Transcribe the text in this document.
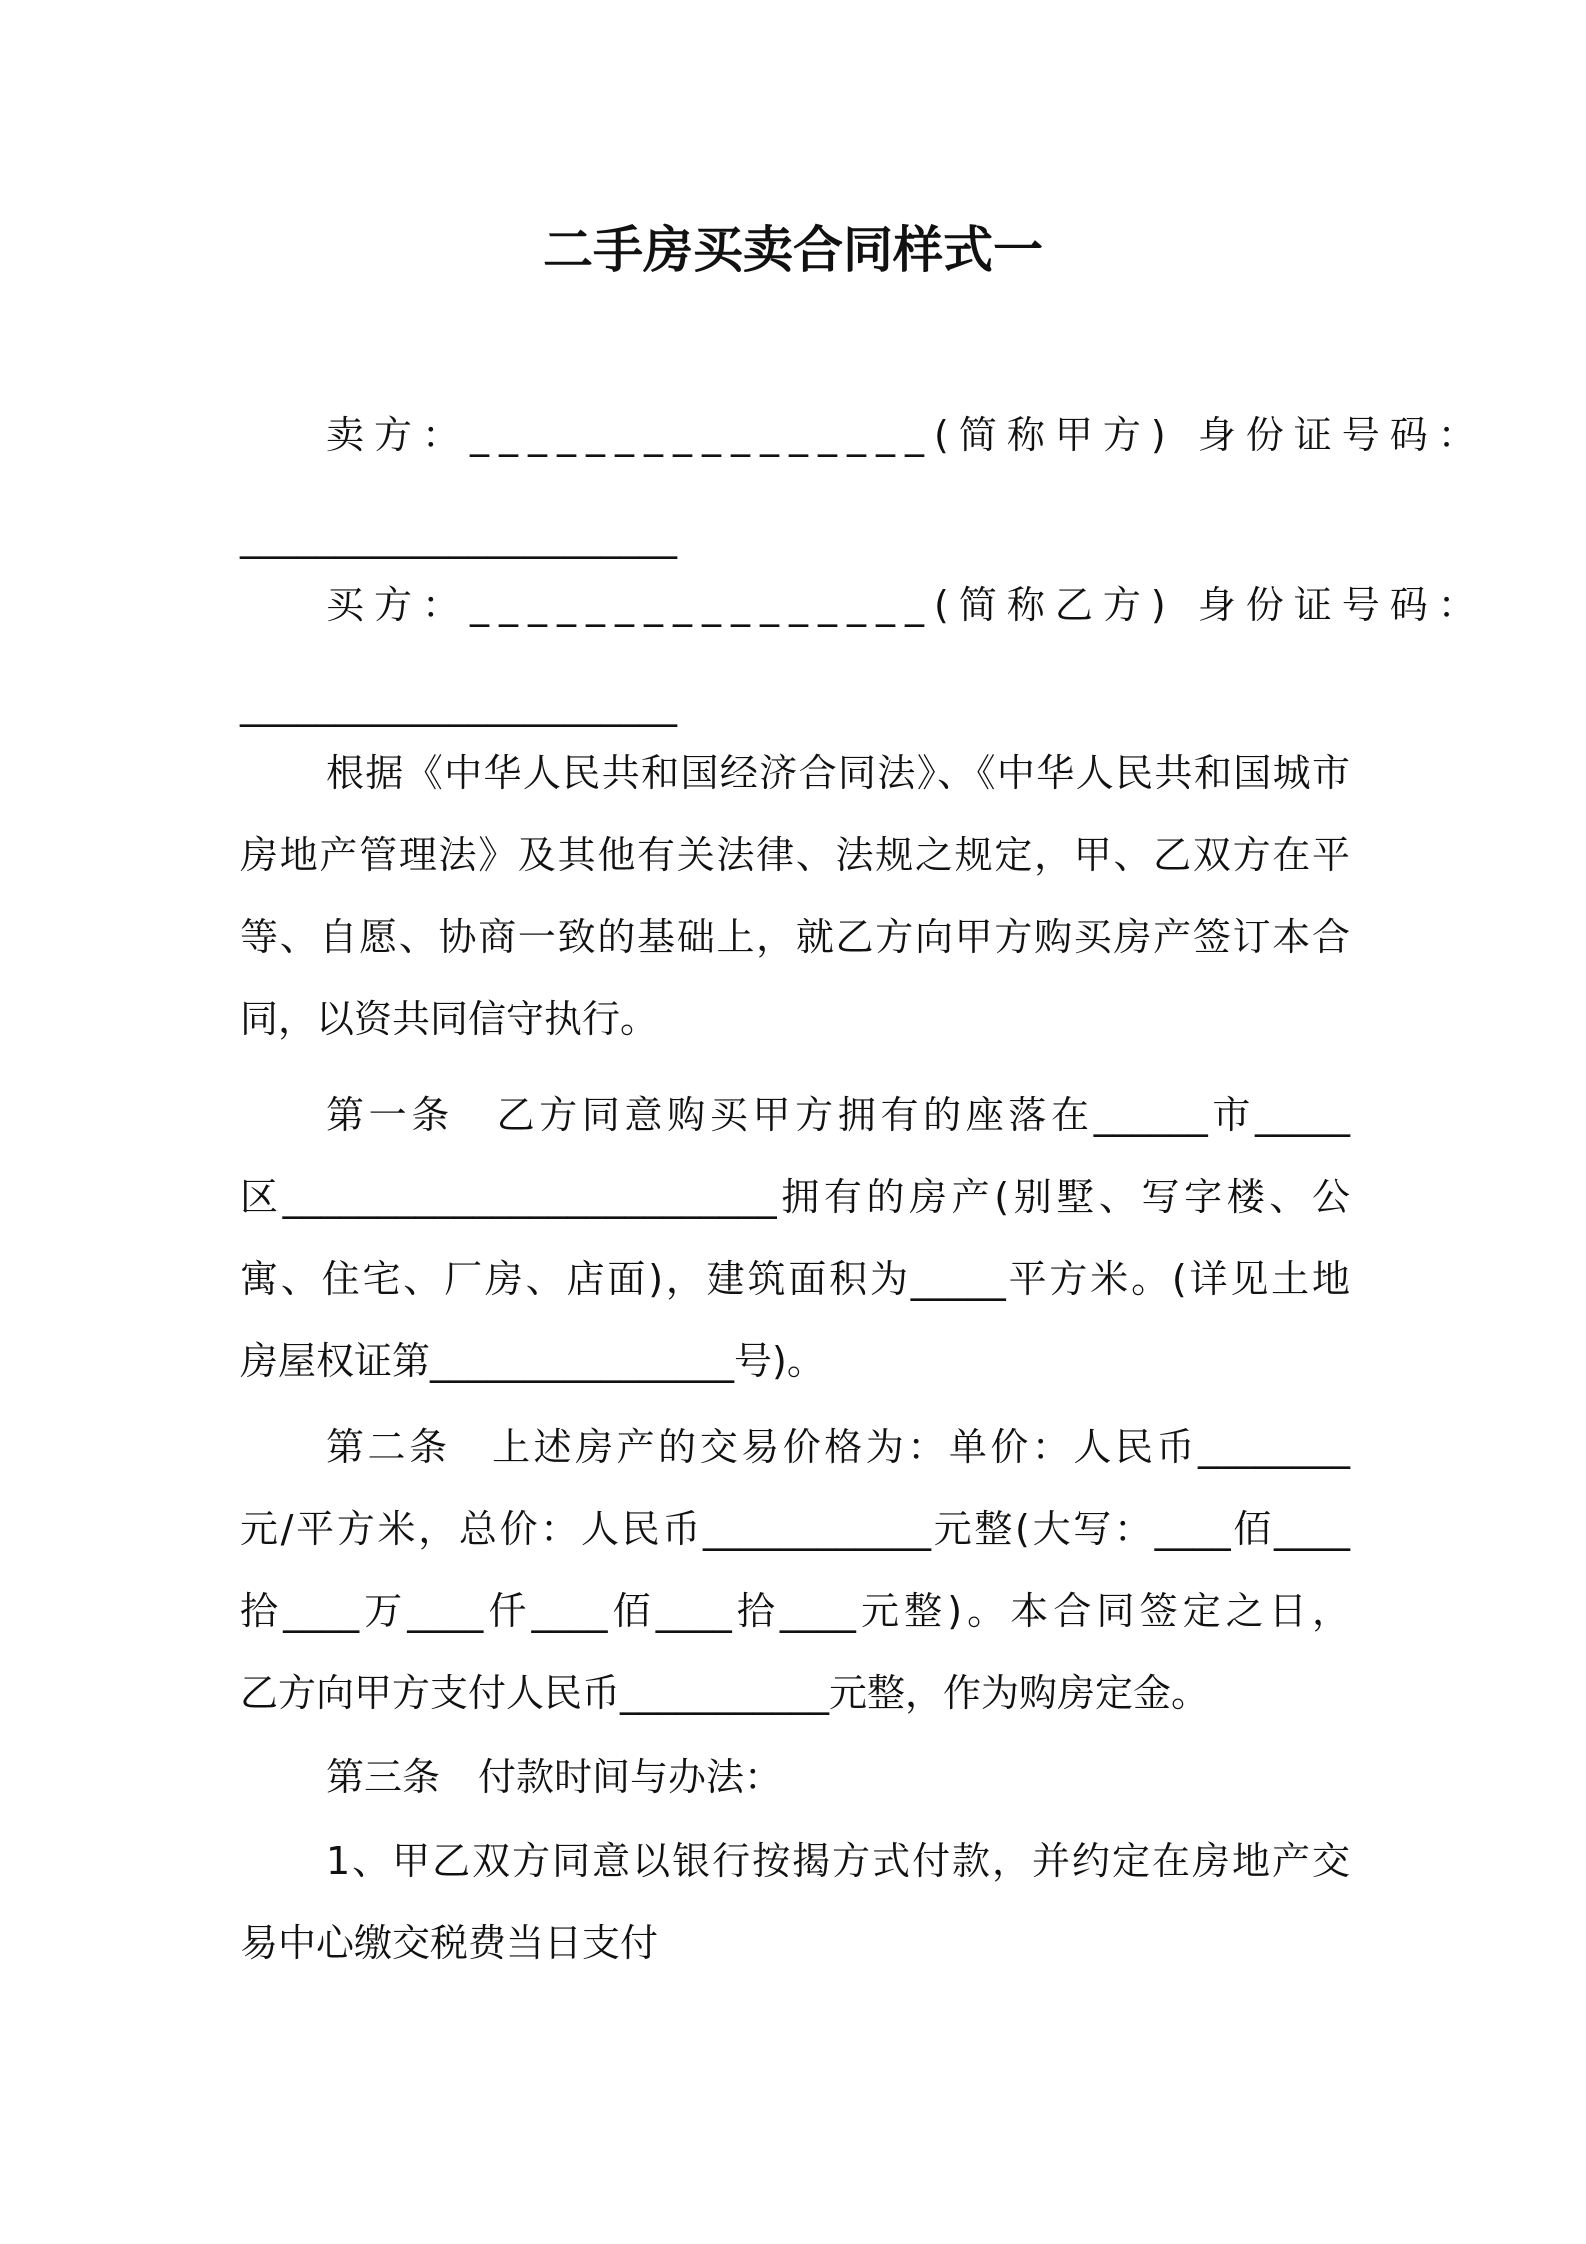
二手房买卖合同样式一
卖方：________________(简称甲方) 身份证号码：
_______________________
买方：________________(简称乙方) 身份证号码：
_______________________
根据《中华人民共和国经济合同法》、《中华人民共和国城市
房地产管理法》及其他有关法律、法规之规定，甲、乙双方在平
等、自愿、协商一致的基础上，就乙方向甲方购买房产签订本合
同，以资共同信守执行。
第一条　乙方同意购买甲方拥有的座落在______市_____
区__________________________拥有的房产(别墅、写字楼、公
寓、住宅、厂房、店面)，建筑面积为_____平方米。(详见土地
房屋权证第________________号)。
第二条　上述房产的交易价格为：单价：人民币________
元/平方米，总价：人民币____________元整(大写：____佰____
拾____万____仟____佰____拾____元整)。本合同签定之日，
乙方向甲方支付人民币___________元整，作为购房定金。
第三条　付款时间与办法：
1、甲乙双方同意以银行按揭方式付款，并约定在房地产交
易中心缴交税费当日支付
